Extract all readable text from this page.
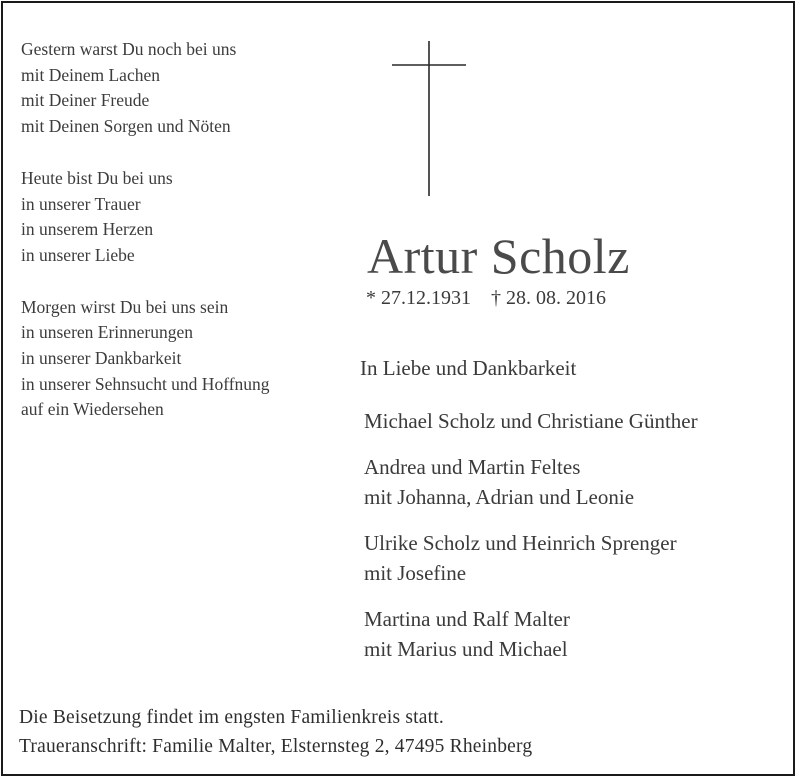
Gestern warst Du noch bei uns
mit Deinem Lachen
mit Deiner Freude
mit Deinen Sorgen und Nöten
Heute bist Du bei uns
in unserer Trauer
in unserem Herzen
in unserer Liebe
Morgen wirst Du bei uns sein
in unseren Erinnerungen
in unserer Dankbarkeit
in unserer Sehnsucht und Hoffnung
auf ein Wiedersehen
Artur Scholz
* 27.12.1931 † 28. 08. 2016
In Liebe und Dankbarkeit
Michael Scholz und Christiane Günther
Andrea und Martin Feltes
mit Johanna, Adrian und Leonie
Ulrike Scholz und Heinrich Sprenger
mit Josefine
Martina und Ralf Malter
mit Marius und Michael
Die Beisetzung findet im engsten Familienkreis statt.
Traueranschrift: Familie Malter, Elsternsteg 2, 47495 Rheinberg
